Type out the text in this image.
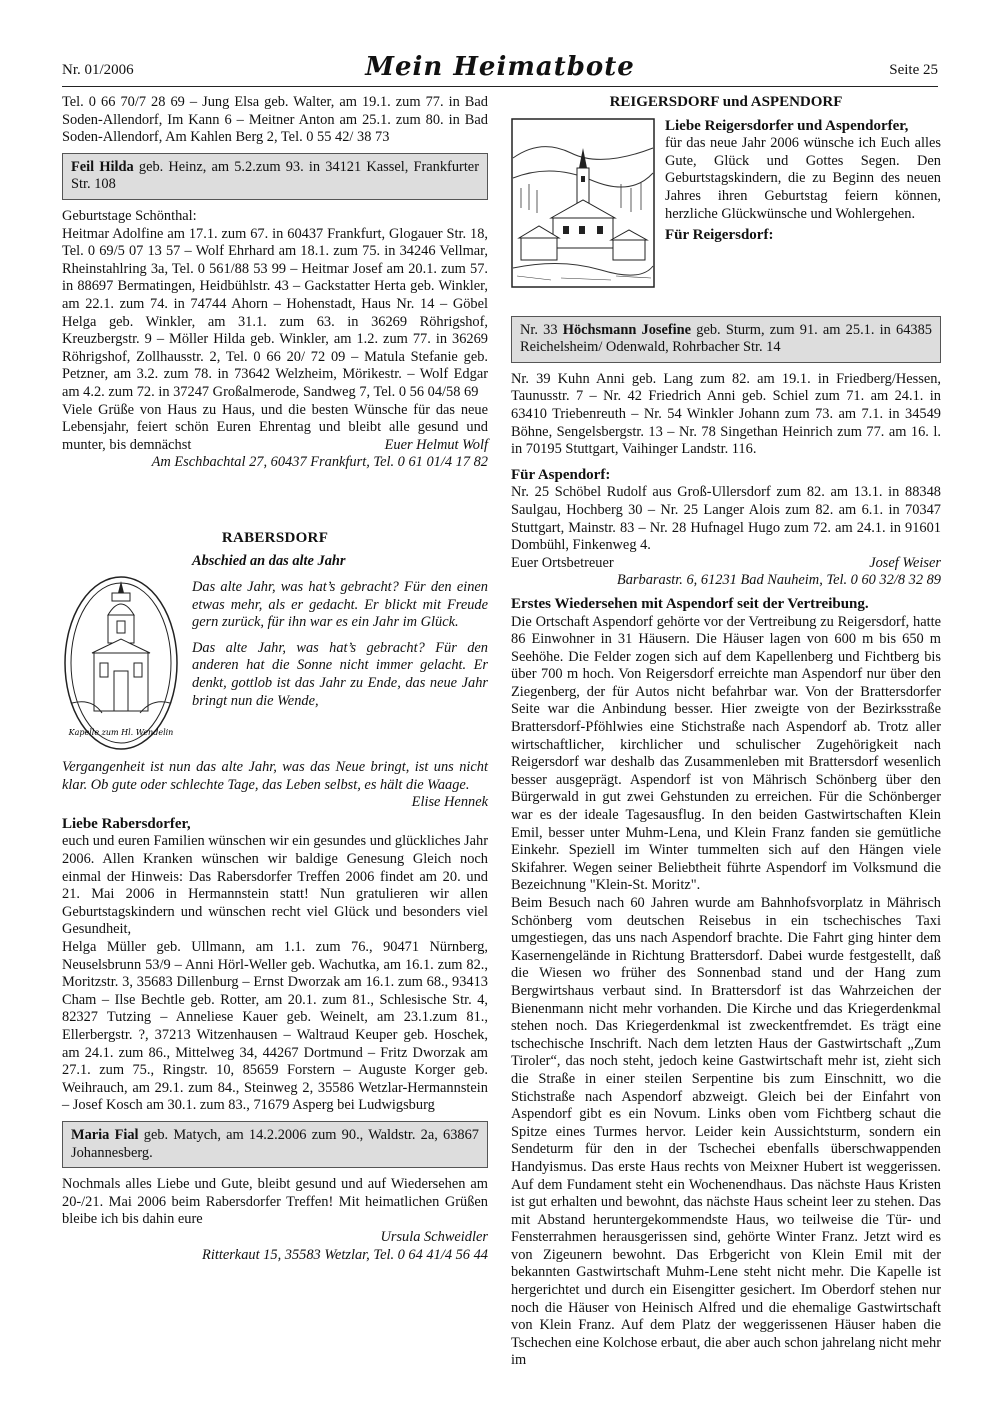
Nr. 01/2006	Mein Heimatbote	Seite 25

Tel. 0 66 70/7 28 69 – Jung Elsa geb. Walter, am 19.1. zum 77. in Bad Soden-Allendorf, Im Kann 6 – Meitner Anton am 25.1. zum 80. in Bad Soden-Allendorf, Am Kahlen Berg 2, Tel. 0 55 42/ 38 73

Feil Hilda geb. Heinz, am 5.2.zum 93. in 34121 Kassel, Frankfurter Str. 108

Geburtstage Schönthal:

Heitmar Adolfine am 17.1. zum 67. in 60437 Frankfurt, Glogauer Str. 18, Tel. 0 69/5 07 13 57 – Wolf Ehrhard am 18.1. zum 75. in 34246 Vellmar, Rheinstahlring 3a, Tel. 0 561/88 53 99 – Heitmar Josef am 20.1. zum 57. in 88697 Bermatingen, Heidbühlstr. 43 – Gackstatter Herta geb. Winkler, am 22.1. zum 74. in 74744 Ahorn – Hohenstadt, Haus Nr. 14 – Göbel Helga geb. Winkler, am 31.1. zum 63. in 36269 Röhrigshof, Kreuzbergstr. 9 – Möller Hilda geb. Winkler, am 1.2. zum 77. in 36269 Röhrigshof, Zollhausstr. 2, Tel. 0 66 20/ 72 09 – Matula Stefanie geb. Petzner, am 3.2. zum 78. in 73642 Welzheim, Mörikestr. – Wolf Edgar am 4.2. zum 72. in 37247 Großalmerode, Sandweg 7, Tel. 0 56 04/58 69

Viele Grüße von Haus zu Haus, und die besten Wünsche für das neue Lebensjahr, feiert schön Euren Ehrentag und bleibt alle gesund und munter, bis demnächst	Euer Helmut Wolf

Am Eschbachtal 27, 60437 Frankfurt, Tel. 0 61 01/4 17 82

RABERSDORF
Kapelle zum Hl. Wendelin
Abschied an das alte Jahr
Das alte Jahr, was hat’s gebracht? Für den einen etwas mehr, als er gedacht. Er blickt mit Freude gern zurück, für ihn war es ein Jahr im Glück.
Das alte Jahr, was hat’s gebracht? Für den anderen hat die Sonne nicht immer gelacht. Er denkt, gottlob ist das Jahr zu Ende, das neue Jahr bringt nun die Wende,
Vergangenheit ist nun das alte Jahr, was das Neue bringt, ist uns nicht klar. Ob gute oder schlechte Tage, das Leben selbst, es hält die Waage.

Elise Hennek

Liebe Rabersdorfer,

euch und euren Familien wünschen wir ein gesundes und glückliches Jahr 2006. Allen Kranken wünschen wir baldige Genesung Gleich noch einmal der Hinweis: Das Rabersdorfer Treffen 2006 findet am 20. und 21. Mai 2006 in Hermannstein statt! Nun gratulieren wir allen Geburtstagskindern und wünschen recht viel Glück und besonders viel Gesundheit,

Helga Müller geb. Ullmann, am 1.1. zum 76., 90471 Nürnberg, Neuselsbrunn 53/9 – Anni Hörl-Weller geb. Wachutka, am 16.1. zum 82., Moritzstr. 3, 35683 Dillenburg – Ernst Dworzak am 16.1. zum 68., 93413 Cham – Ilse Bechtle geb. Rotter, am 20.1. zum 81., Schlesische Str. 4, 82327 Tutzing – Anneliese Kauer geb. Weinelt, am 23.1.zum 81., Ellerbergstr. ?, 37213 Witzenhausen – Waltraud Keuper geb. Hoschek, am 24.1. zum 86., Mittelweg 34, 44267 Dortmund – Fritz Dworzak am 27.1. zum 75., Ringstr. 10, 85659 Forstern – Auguste Korger geb. Weihrauch, am 29.1. zum 84., Steinweg 2, 35586 Wetzlar-Hermannstein – Josef Kosch am 30.1. zum 83., 71679 Asperg bei Ludwigsburg

Maria Fial geb. Matych, am 14.2.2006 zum 90., Waldstr. 2a, 63867 Johannesberg.

Nochmals alles Liebe und Gute, bleibt gesund und auf Wiedersehen am 20-/21. Mai 2006 beim Rabersdorfer Treffen! Mit heimatlichen Grüßen bleibe ich bis dahin eure

Ursula Schweidler

Ritterkaut 15, 35583 Wetzlar, Tel. 0 64 41/4 56 44

REIGERSDORF und ASPENDORF

Liebe Reigersdorfer und Aspendorfer,

für das neue Jahr 2006 wünsche ich Euch alles Gute, Glück und Gottes Segen. Den Geburtstagskindern, die zu Beginn des neuen Jahres ihren Geburtstag feiern können, herzliche Glückwünsche und Wohlergehen.

Für Reigersdorf:

Nr. 33 Höchsmann Josefine geb. Sturm, zum 91. am 25.1. in 64385 Reichelsheim/ Odenwald, Rohrbacher Str. 14

Nr. 39 Kuhn Anni geb. Lang zum 82. am 19.1. in Friedberg/Hessen, Taunusstr. 7 – Nr. 42 Friedrich Anni geb. Schiel zum 71. am 24.1. in 63410 Triebenreuth – Nr. 54 Winkler Johann zum 73. am 7.1. in 34549 Böhne, Sengelsbergstr. 13 – Nr. 78 Singethan Heinrich zum 77. am 16. l. in 70195 Stuttgart, Vaihinger Landstr. 116.

Für Aspendorf:

Nr. 25 Schöbel Rudolf aus Groß-Ullersdorf zum 82. am 13.1. in 88348 Saulgau, Hochberg 30 – Nr. 25 Langer Alois zum 82. am 6.1. in 70347 Stuttgart, Mainstr. 83 – Nr. 28 Hufnagel Hugo zum 72. am 24.1. in 91601 Dombühl, Finkenweg 4.

Euer Ortsbetreuer	Josef Weiser

Barbarastr. 6, 61231 Bad Nauheim, Tel. 0 60 32/8 32 89

Erstes Wiedersehen mit Aspendorf seit der Vertreibung.

Die Ortschaft Aspendorf gehörte vor der Vertreibung zu Reigersdorf, hatte 86 Einwohner in 31 Häusern. Die Häuser lagen von 600 m bis 650 m Seehöhe. Die Felder zogen sich auf dem Kapellenberg und Fichtberg bis über 700 m hoch. Von Reigersdorf erreichte man Aspendorf nur über den Ziegenberg, der für Autos nicht befahrbar war. Von der Brattersdorfer Seite war die Anbindung besser. Hier zweigte von der Bezirksstraße Brattersdorf-Pföhlwies eine Stichstraße nach Aspendorf ab. Trotz aller wirtschaftlicher, kirchlicher und schulischer Zugehörigkeit nach Reigersdorf war deshalb das Zusammenleben mit Brattersdorf wesenlich besser ausgeprägt. Aspendorf ist von Mährisch Schönberg über den Bürgerwald in gut zwei Gehstunden zu erreichen. Für die Schönberger war es der ideale Tagesausflug. In den beiden Gastwirtschaften Klein Emil, besser unter Muhm-Lena, und Klein Franz fanden sie gemütliche Einkehr. Speziell im Winter tummelten sich auf den Hängen viele Skifahrer. Wegen seiner Beliebtheit führte Aspendorf im Volksmund die Bezeichnung "Klein-St. Moritz".

Beim Besuch nach 60 Jahren wurde am Bahnhofsvorplatz in Mährisch Schönberg vom deutschen Reisebus in ein tschechisches Taxi umgestiegen, das uns nach Aspendorf brachte. Die Fahrt ging hinter dem Kasernengelände in Richtung Brattersdorf. Dabei wurde festgestellt, daß die Wiesen wo früher des Sonnenbad stand und der Hang zum Bergwirtshaus verbaut sind. In Brattersdorf ist das Wahrzeichen der Bienenmann nicht mehr vorhanden. Die Kirche und das Kriegerdenkmal stehen noch. Das Kriegerdenkmal ist zweckentfremdet. Es trägt eine tschechische Inschrift. Nach dem letzten Haus der Gastwirtschaft „Zum Tiroler“, das noch steht, jedoch keine Gastwirtschaft mehr ist, zieht sich die Straße in einer steilen Serpentine bis zum Einschnitt, wo die Stichstraße nach Aspendorf abzweigt. Gleich bei der Einfahrt von Aspendorf gibt es ein Novum. Links oben vom Fichtberg schaut die Spitze eines Turmes hervor. Leider kein Aussichtsturm, sondern ein Sendeturm für den in der Tschechei ebenfalls überschwappenden Handyismus. Das erste Haus rechts von Meixner Hubert ist weggerissen. Auf dem Fundament steht ein Wochenendhaus. Das nächste Haus Kristen ist gut erhalten und bewohnt, das nächste Haus scheint leer zu stehen. Das mit Abstand heruntergekommendste Haus, wo teilweise die Tür- und Fensterrahmen herausgerissen sind, gehörte Winter Franz. Jetzt wird es von Zigeunern bewohnt. Das Erbgericht von Klein Emil mit der bekannten Gastwirtschaft Muhm-Lene steht nicht mehr. Die Kapelle ist hergerichtet und durch ein Eisengitter gesichert. Im Oberdorf stehen nur noch die Häuser von Heinisch Alfred und die ehemalige Gastwirtschaft von Klein Franz. Auf dem Platz der weggerissenen Häuser haben die Tschechen eine Kolchose erbaut, die aber auch schon jahrelang nicht mehr im
